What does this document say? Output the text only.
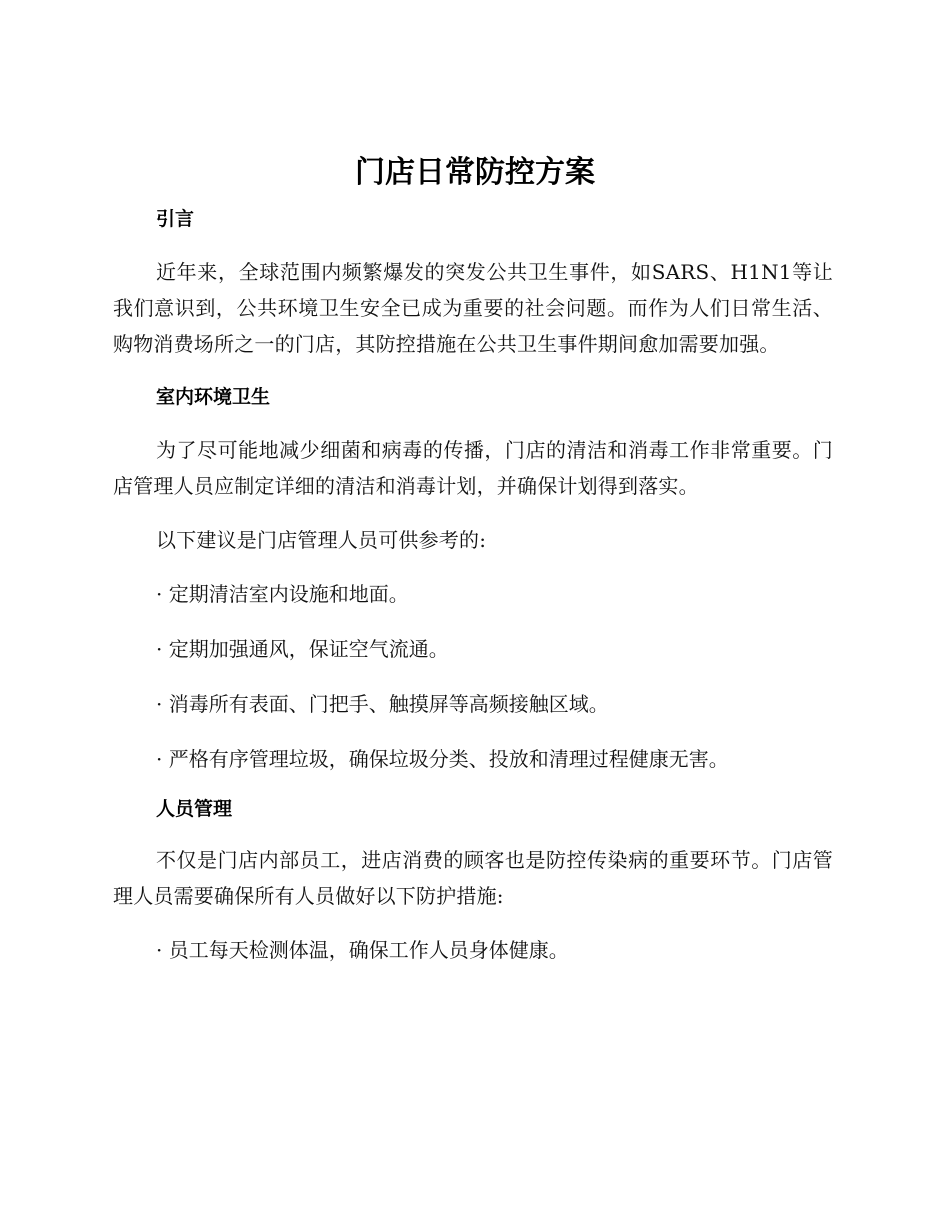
门店日常防控方案

引言

近年来，全球范围内频繁爆发的突发公共卫生事件，如SARS、H1N1等让我们意识到，公共环境卫生安全已成为重要的社会问题。而作为人们日常生活、购物消费场所之一的门店，其防控措施在公共卫生事件期间愈加需要加强。

室内环境卫生

为了尽可能地减少细菌和病毒的传播，门店的清洁和消毒工作非常重要。门店管理人员应制定详细的清洁和消毒计划，并确保计划得到落实。

以下建议是门店管理人员可供参考的:

· 定期清洁室内设施和地面。

· 定期加强通风，保证空气流通。

· 消毒所有表面、门把手、触摸屏等高频接触区域。

· 严格有序管理垃圾，确保垃圾分类、投放和清理过程健康无害。

人员管理

不仅是门店内部员工，进店消费的顾客也是防控传染病的重要环节。门店管理人员需要确保所有人员做好以下防护措施:

· 员工每天检测体温，确保工作人员身体健康。
